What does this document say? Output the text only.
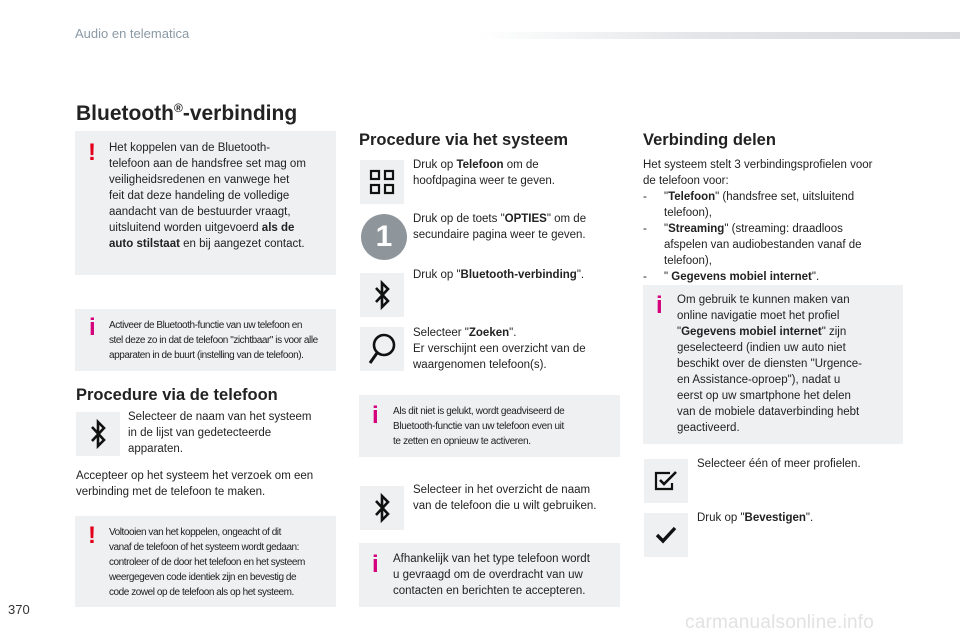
Audio en telematica
Bluetooth®-verbinding
! Het koppelen van de Bluetooth-
telefoon aan de handsfree set mag om
veiligheidsredenen en vanwege het
feit dat deze handeling de volledige
aandacht van de bestuurder vraagt,
uitsluitend worden uitgevoerd als de
auto stilstaat en bij aangezet contact.
i Activeer de Bluetooth-functie van uw telefoon en
stel deze zo in dat de telefoon "zichtbaar" is voor alle
apparaten in de buurt (instelling van de telefoon).
Procedure via de telefoon
Selecteer de naam van het systeem
in de lijst van gedetecteerde
apparaten.
Accepteer op het systeem het verzoek om een
verbinding met de telefoon te maken.
! Voltooien van het koppelen, ongeacht of dit
vanaf de telefoon of het systeem wordt gedaan:
controleer of de door het telefoon en het systeem
weergegeven code identiek zijn en bevestig de
code zowel op de telefoon als op het systeem.
Procedure via het systeem
Druk op Telefoon om de
hoofdpagina weer te geven.
1
Druk op de toets "OPTIES" om de
secundaire pagina weer te geven.
Druk op "Bluetooth-verbinding".
Selecteer "Zoeken".
Er verschijnt een overzicht van de
waargenomen telefoon(s).
i Als dit niet is gelukt, wordt geadviseerd de
Bluetooth-functie van uw telefoon even uit
te zetten en opnieuw te activeren.
Selecteer in het overzicht de naam
van de telefoon die u wilt gebruiken.
i Afhankelijk van het type telefoon wordt
u gevraagd om de overdracht van uw
contacten en berichten te accepteren.
Verbinding delen
Het systeem stelt 3 verbindingsprofielen voor
de telefoon voor:
- "Telefoon" (handsfree set, uitsluitend
telefoon),
- "Streaming" (streaming: draadloos
afspelen van audiobestanden vanaf de
telefoon),
- " Gegevens mobiel internet".
i Om gebruik te kunnen maken van
online navigatie moet het profiel
"Gegevens mobiel internet" zijn
geselecteerd (indien uw auto niet
beschikt over de diensten "Urgence-
en Assistance-oproep"), nadat u
eerst op uw smartphone het delen
van de mobiele dataverbinding hebt
geactiveerd.
Selecteer één of meer profielen.
Druk op "Bevestigen".
370
carmanualsonline.info
